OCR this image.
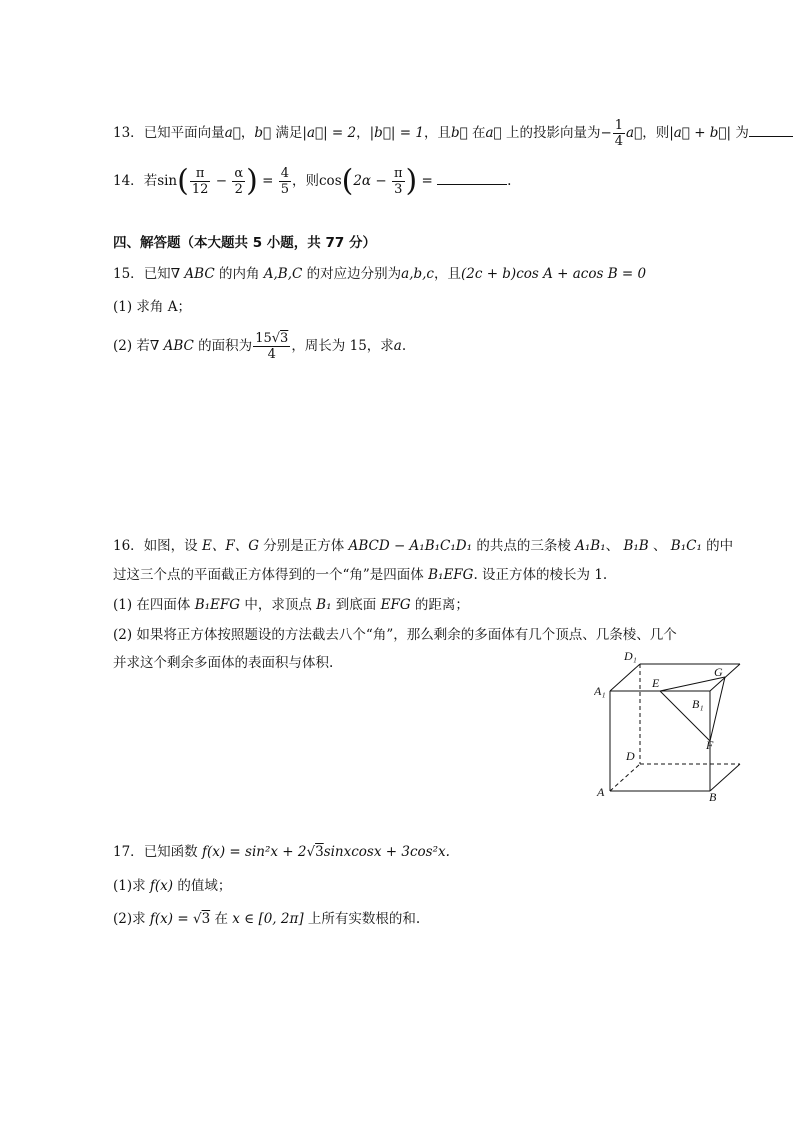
13．已知平面向量a⃗，b⃗ 满足|a⃗| = 2，|b⃗| = 1，且b⃗ 在a⃗ 上的投影向量为− $\frac{1}{4}$ a⃗，则|a⃗ + b⃗| 为
14．若$\sin( \frac{\pi}{12} - \frac{\alpha}{2}$ ) = $\frac{4}{5}$ ，则$\cos(2\alpha - \frac{\pi}{3}$ ) =	.
四、解答题（本大题共 5 小题，共 77 分）
15．已知∇ ABC 的内角 A,B,C 的对应边分别为a,b,c，且(2c + b)cos A + acos B = 0
(1) 求角 A；
(2) 若∇ ABC 的面积为 $\frac{15√3}{4}$ ，周长为 15，求a.
16．如图，设 E、F、G 分别是正方体 ABCD − A₁B₁C₁D₁ 的共点的三条棱 A₁B₁、 B₁B 、 B₁C₁ 的中
过这三个点的平面截正方体得到的一个“角”是四面体 B₁EFG. 设正方体的棱长为 1.
(1) 在四面体 B₁EFG 中，求顶点 B₁ 到底面 EFG 的距离；
(2) 如果将正方体按照题设的方法截去八个“角”，那么剩余的多面体有几个顶点、几条棱、几个
并求这个剩余多面体的表面积与体积.	D₁
A₁
E
G
B₁
D
F
A	B
17．已知函数 f(x) = sin²x + 2√3sinxcosx + 3cos²x.
(1)求 f(x) 的值域；
(2)求 f(x) = √3 在 x ∈ [0, 2π] 上所有实数根的和.
